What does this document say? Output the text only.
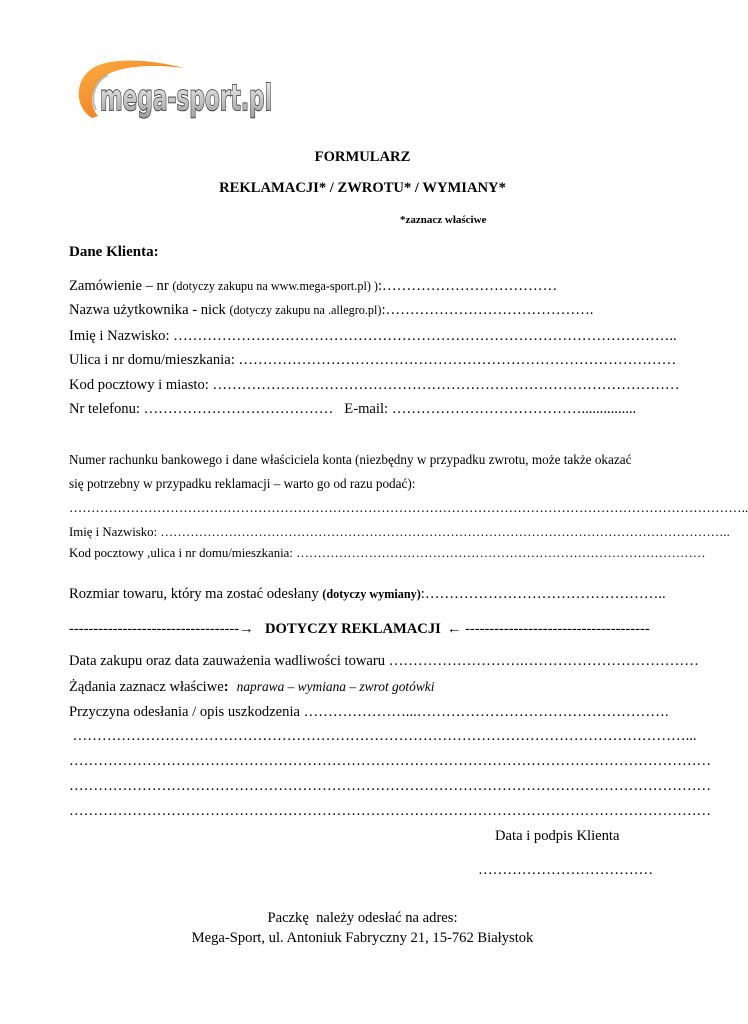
mega-sport.pl
FORMULARZ
REKLAMACJI* / ZWROTU* / WYMIANY*
*zaznacz właściwe
Dane Klienta:
Zamówienie – nr (dotyczy zakupu na www.mega-sport.pl) ):………………………………
Nazwa użytkownika - nick (dotyczy zakupu na .allegro.pl):…………………………………….
Imię i Nazwisko: …………………………………………………………………………………………..
Ulica i nr domu/mieszkania: ………………………………………………………………………………
Kod pocztowy i miasto: ……………………………………………………………………………………
Nr telefonu: ………………………………… E-mail: …………………………………...............
Numer rachunku bankowego i dane właściciela konta (niezbędny w przypadku zwrotu, może także okazać
się potrzebny w przypadku reklamacji – warto go od razu podać):
………………………………………………………………………………………………………………………………………..
Imię i Nazwisko: ……………………………………………………………………………………………………………………..
Kod pocztowy ,ulica i nr domu/mieszkania: ……………………………………………………………………………………
Rozmiar towaru, który ma zostać odesłany (dotyczy wymiany):…………………………………………..

-----------------------------------

→

DOTYCZY REKLAMACJI

←

--------------------------------------

Data zakupu oraz data zauważenia wadliwości towaru ……………………….………………………………
Żądania zaznacz właściwe: naprawa – wymiana – zwrot gotówki
Przyczyna odesłania / opis uszkodzenia …………………...…………………………………………….
………………………………………………………………………………………………………………...
……………………………………………………………………………………………………………………
……………………………………………………………………………………………………………………
……………………………………………………………………………………………………………………
Data i podpis Klienta
………………………………
Paczkę  należy odesłać na adres:
Mega-Sport, ul. Antoniuk Fabryczny 21, 15-762 Białystok
